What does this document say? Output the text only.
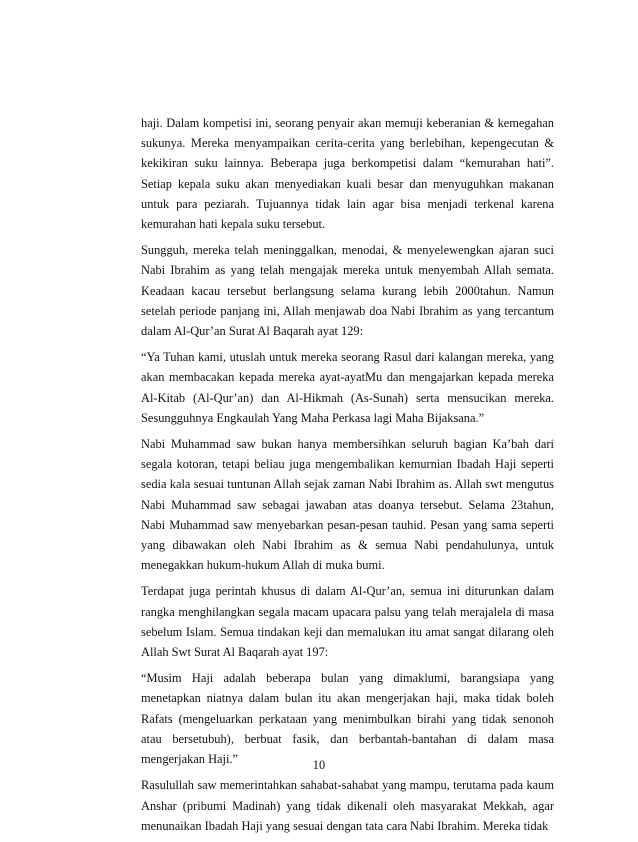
haji. Dalam kompetisi ini, seorang penyair akan memuji keberanian & kemegahan sukunya. Mereka menyampaikan cerita-cerita yang berlebihan, kepengecutan & kekikiran suku lainnya. Beberapa juga berkompetisi dalam “kemurahan hati”. Setiap kepala suku akan menyediakan kuali besar dan menyuguhkan makanan untuk para peziarah. Tujuannya tidak lain agar bisa menjadi terkenal karena kemurahan hati kepala suku tersebut.

Sungguh, mereka telah meninggalkan, menodai, & menyelewengkan ajaran suci Nabi Ibrahim as yang telah mengajak mereka untuk menyembah Allah semata. Keadaan kacau tersebut berlangsung selama kurang lebih 2000tahun. Namun setelah periode panjang ini, Allah menjawab doa Nabi Ibrahim as yang tercantum dalam Al-Qur’an Surat Al Baqarah ayat 129:

“Ya Tuhan kami, utuslah untuk mereka seorang Rasul dari kalangan mereka, yang akan membacakan kepada mereka ayat-ayatMu dan mengajarkan kepada mereka Al-Kitab (Al-Qur’an) dan Al-Hikmah (As-Sunah) serta mensucikan mereka. Sesungguhnya Engkaulah Yang Maha Perkasa lagi Maha Bijaksana.”

Nabi Muhammad saw bukan hanya membersihkan seluruh bagian Ka’bah dari segala kotoran, tetapi beliau juga mengembalikan kemurnian Ibadah Haji seperti sedia kala sesuai tuntunan Allah sejak zaman Nabi Ibrahim as. Allah swt mengutus Nabi Muhammad saw sebagai jawaban atas doanya tersebut. Selama 23tahun, Nabi Muhammad saw menyebarkan pesan-pesan tauhid. Pesan yang sama seperti yang dibawakan oleh Nabi Ibrahim as & semua Nabi pendahulunya, untuk menegakkan hukum-hukum Allah di muka bumi.

Terdapat juga perintah khusus di dalam Al-Qur’an, semua ini diturunkan dalam rangka menghilangkan segala macam upacara palsu yang telah merajalela di masa sebelum Islam. Semua tindakan keji dan memalukan itu amat sangat dilarang oleh Allah Swt Surat Al Baqarah ayat 197:

“Musim Haji adalah beberapa bulan yang dimaklumi, barangsiapa yang menetapkan niatnya dalam bulan itu akan mengerjakan haji, maka tidak boleh Rafats (mengeluarkan perkataan yang menimbulkan birahi yang tidak senonoh atau bersetubuh), berbuat fasik, dan berbantah-bantahan di dalam masa mengerjakan Haji.”

Rasulullah saw memerintahkan sahabat-sahabat yang mampu, terutama pada kaum Anshar (pribumi Madinah) yang tidak dikenali oleh masyarakat Mekkah, agar menunaikan Ibadah Haji yang sesuai dengan tata cara Nabi Ibrahim. Mereka tidak

10
